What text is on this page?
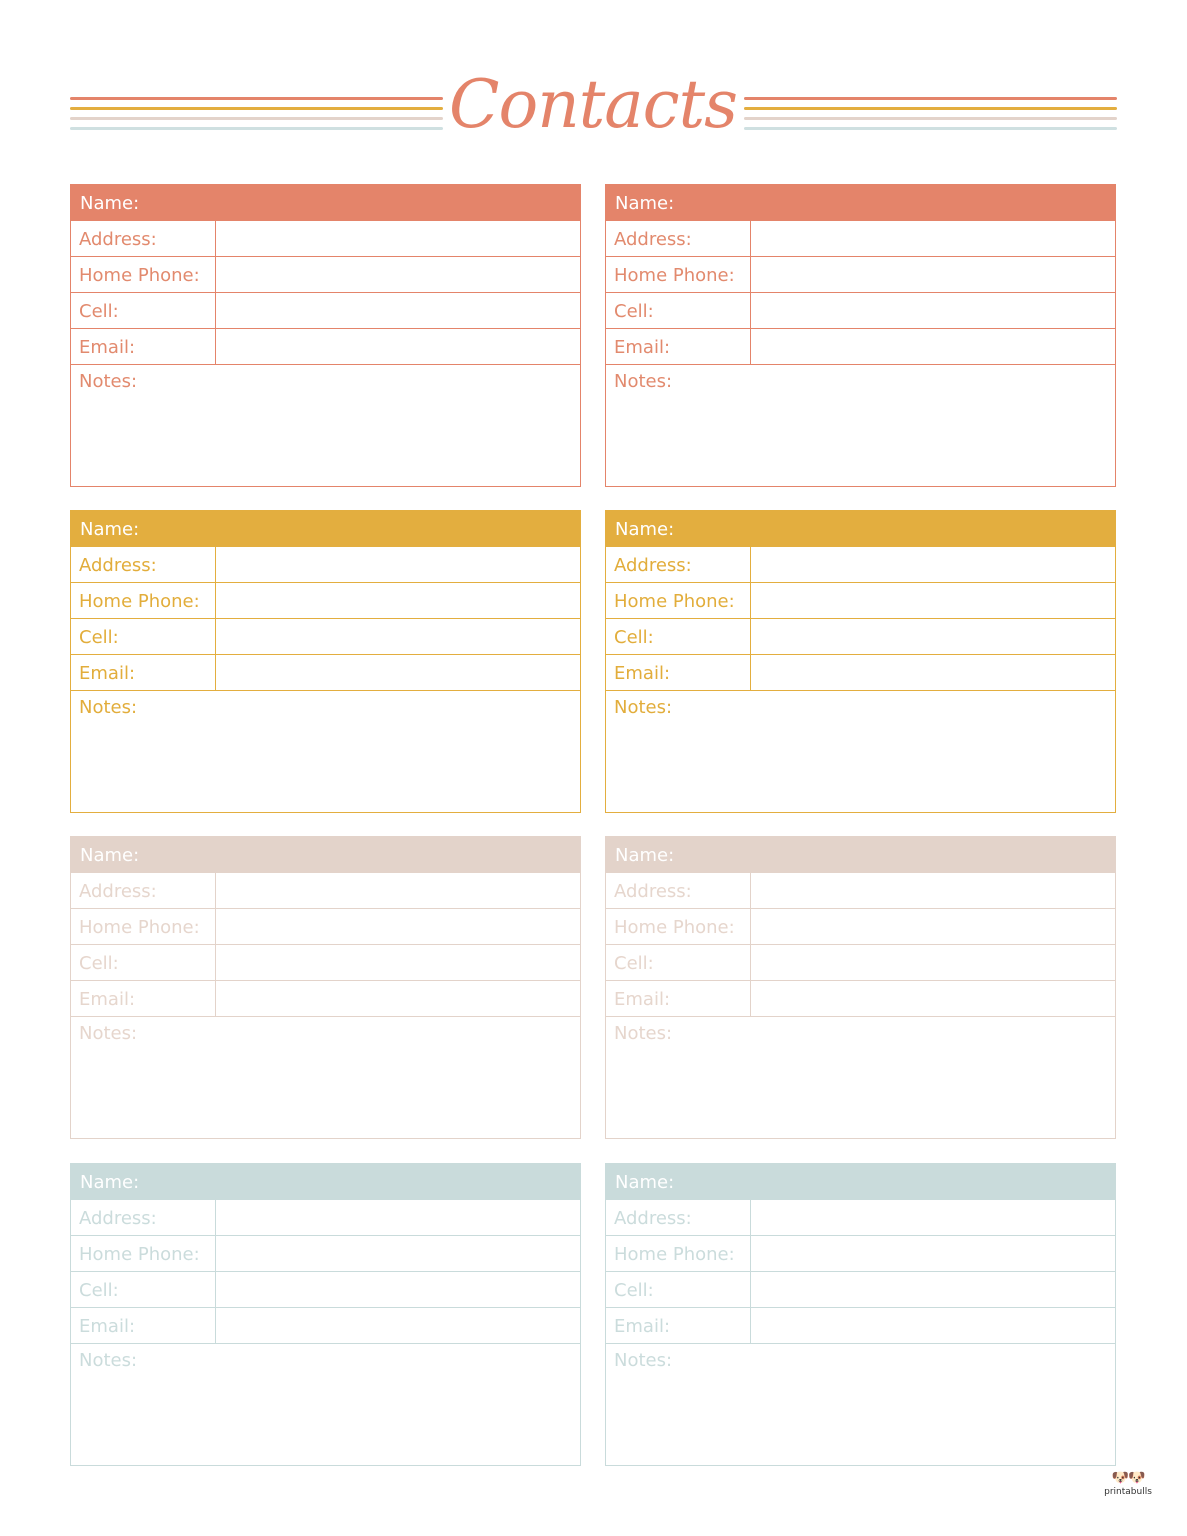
Contacts
Name:
Address:
Home Phone:
Cell:
Email:
Notes:
Name:
Address:
Home Phone:
Cell:
Email:
Notes:
Name:
Address:
Home Phone:
Cell:
Email:
Notes:
Name:
Address:
Home Phone:
Cell:
Email:
Notes:
Name:
Address:
Home Phone:
Cell:
Email:
Notes:
Name:
Address:
Home Phone:
Cell:
Email:
Notes:
Name:
Address:
Home Phone:
Cell:
Email:
Notes:
Name:
Address:
Home Phone:
Cell:
Email:
Notes:
🐶🐶
printabulls
